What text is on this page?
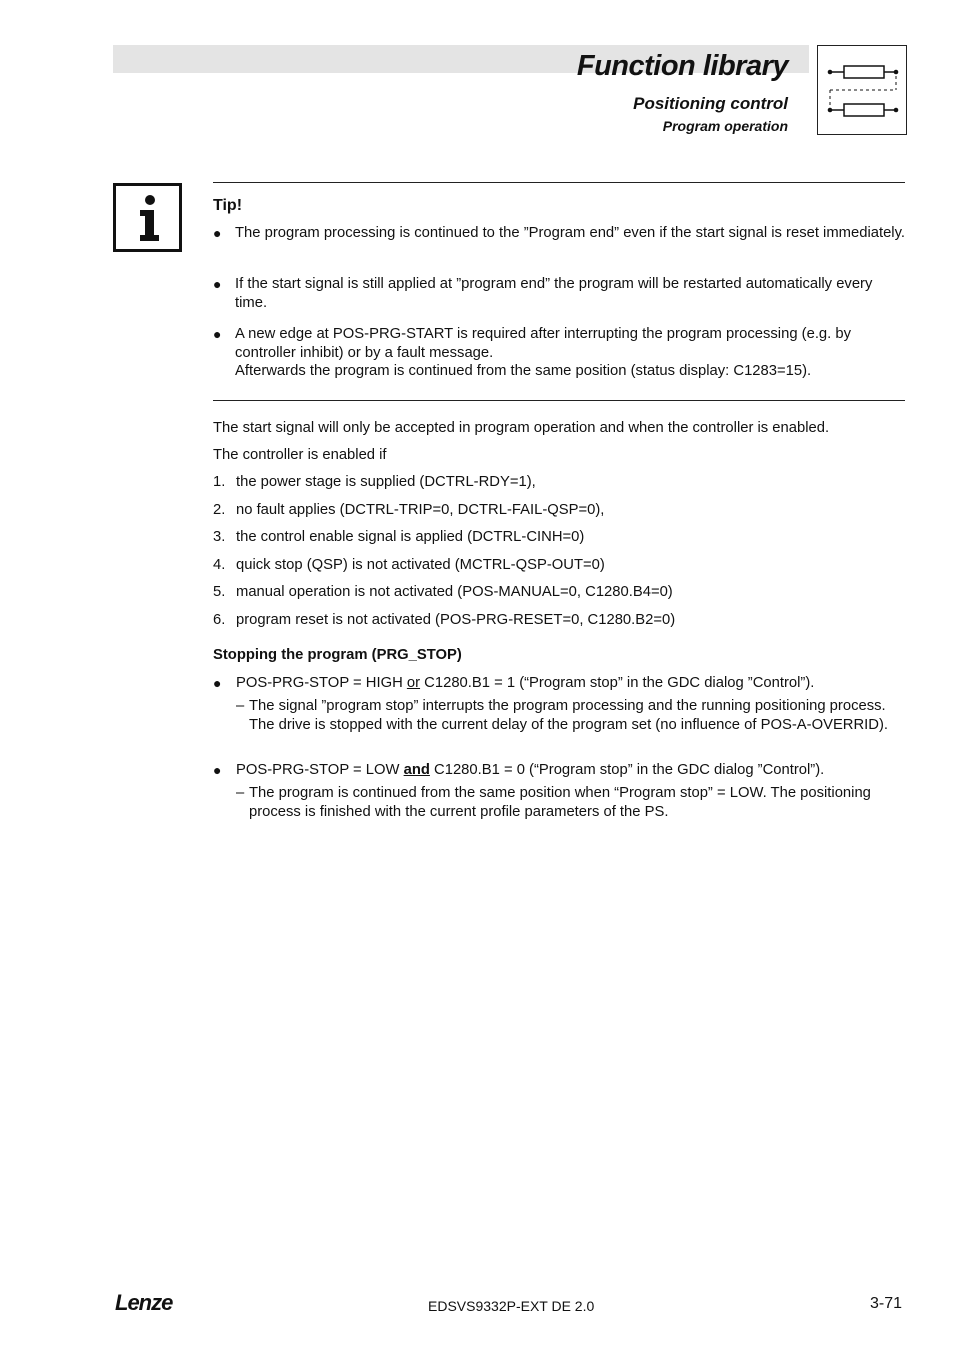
Function library
Positioning control
Program operation
Tip!
● The program processing is continued to the ”Program end” even if the start signal is reset immediately.
● If the start signal is still applied at ”program end” the program will be restarted automatically every time.
● A new edge at POS-PRG-START is required after interrupting the program processing (e.g. by controller inhibit) or by a fault message.
Afterwards the program is continued from the same position (status display: C1283=15).
The start signal will only be accepted in program operation and when the controller is enabled.
The controller is enabled if
1. the power stage is supplied (DCTRL-RDY=1),
2. no fault applies (DCTRL-TRIP=0, DCTRL-FAIL-QSP=0),
3. the control enable signal is applied (DCTRL-CINH=0)
4. quick stop (QSP) is not activated (MCTRL-QSP-OUT=0)
5. manual operation is not activated (POS-MANUAL=0, C1280.B4=0)
6. program reset is not activated (POS-PRG-RESET=0, C1280.B2=0)
Stopping the program (PRG_STOP)
● POS-PRG-STOP = HIGH or C1280.B1 = 1 (“Program stop” in the GDC dialog ”Control”).
– The signal ”program stop” interrupts the program processing and the running positioning process. The drive is stopped with the current delay of the program set (no influence of POS-A-OVERRID).
● POS-PRG-STOP = LOW and C1280.B1 = 0 (“Program stop” in the GDC dialog ”Control”).
– The program is continued from the same position when “Program stop” = LOW. The positioning process is finished with the current profile parameters of the PS.
Lenze	EDSVS9332P-EXT DE 2.0	3-71
